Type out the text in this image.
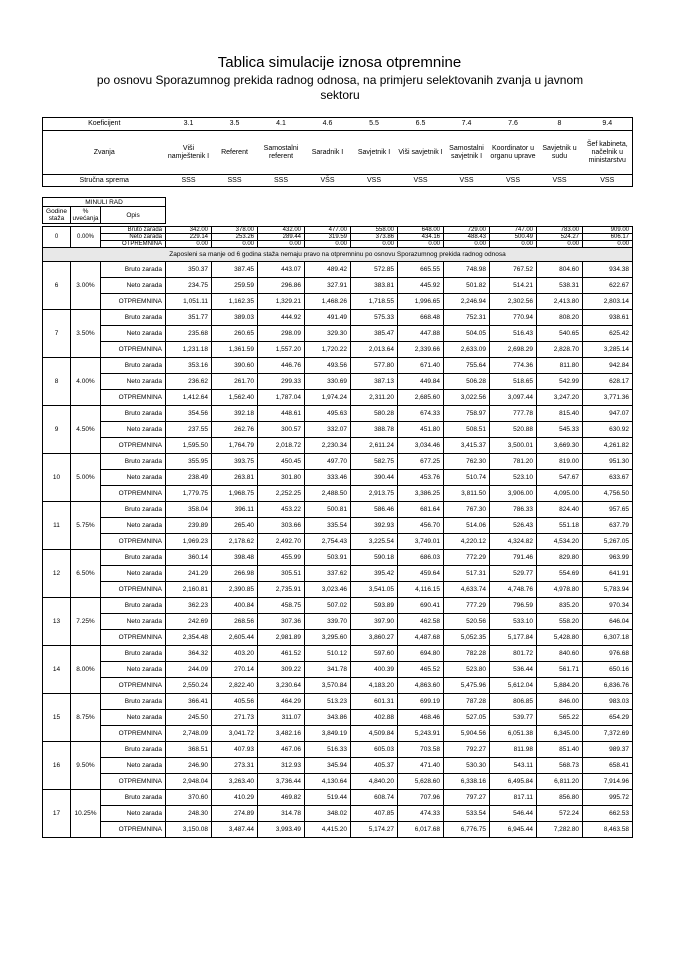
Tablica simulacije iznosa otpremnine
po osnovu Sporazumnog prekida radnog odnosa, na primjeru selektovanih zvanja u javnom sektoru
Koeficijent	3.1	3.5	4.1	4.6	5.5	6.5	7.4	7.6	8	9.4
Zvanja	Viši namještenik I	Referent	Samostalni referent	Saradnik I	Savjetnik I	Viši savjetnik I	Samostalni savjetnik I	Koordinator u organu uprave	Savjetnik u sudu	Šef kabineta, načelnik u ministarstvu
Stručna sprema	SSS	SSS	SSS	VŠS	VSS	VSS	VSS	VSS	VSS	VSS
MINULI RAD
Godine staža	% uvećanja	Opis
0	0.00%	Bruto zarada	342.00	378.00	432.00	477.00	558.00	648.00	729.00	747.00	783.00	909.00
		Neto zarada	229.14	253.26	289.44	319.59	373.86	434.16	488.43	500.49	524.27	606.17
		OTPREMNINA	0.00	0.00	0.00	0.00	0.00	0.00	0.00	0.00	0.00	0.00
Zaposleni sa manje od 6 godina staža nemaju pravo na otpremninu po osnovu Sporazumnog prekida radnog odnosa												
6	3.00%	Bruto zarada	350.37	387.45	443.07	489.42	572.85	665.55	748.98	767.52	804.60	934.38
		Neto zarada	234.75	259.59	296.86	327.91	383.81	445.92	501.82	514.21	538.31	622.67
		OTPREMNINA	1,051.11	1,162.35	1,329.21	1,468.26	1,718.55	1,996.65	2,246.94	2,302.56	2,413.80	2,803.14
7	3.50%	Bruto zarada	351.77	389.03	444.92	491.49	575.33	668.48	752.31	770.94	808.20	938.61
		Neto zarada	235.68	260.65	298.09	329.30	385.47	447.88	504.05	516.43	540.65	625.42
		OTPREMNINA	1,231.18	1,361.59	1,557.20	1,720.22	2,013.64	2,339.66	2,633.09	2,698.29	2,828.70	3,285.14
8	4.00%	Bruto zarada	353.16	390.60	446.76	493.56	577.80	671.40	755.64	774.36	811.80	942.84
		Neto zarada	236.62	261.70	299.33	330.69	387.13	449.84	506.28	518.65	542.99	628.17
		OTPREMNINA	1,412.64	1,562.40	1,787.04	1,974.24	2,311.20	2,685.60	3,022.56	3,097.44	3,247.20	3,771.36
9	4.50%	Bruto zarada	354.56	392.18	448.61	495.63	580.28	674.33	758.97	777.78	815.40	947.07
		Neto zarada	237.55	262.76	300.57	332.07	388.78	451.80	508.51	520.88	545.33	630.92
		OTPREMNINA	1,595.50	1,764.79	2,018.72	2,230.34	2,611.24	3,034.46	3,415.37	3,500.01	3,669.30	4,261.82
10	5.00%	Bruto zarada	355.95	393.75	450.45	497.70	582.75	677.25	762.30	781.20	819.00	951.30
		Neto zarada	238.49	263.81	301.80	333.46	390.44	453.76	510.74	523.10	547.67	633.67
		OTPREMNINA	1,779.75	1,968.75	2,252.25	2,488.50	2,913.75	3,386.25	3,811.50	3,906.00	4,095.00	4,756.50
11	5.75%	Bruto zarada	358.04	396.11	453.22	500.81	586.46	681.64	767.30	786.33	824.40	957.65
		Neto zarada	239.89	265.40	303.66	335.54	392.93	456.70	514.06	526.43	551.18	637.79
		OTPREMNINA	1,969.23	2,178.62	2,492.70	2,754.43	3,225.54	3,749.01	4,220.12	4,324.82	4,534.20	5,267.05
12	6.50%	Bruto zarada	360.14	398.48	455.99	503.91	590.18	686.03	772.29	791.46	829.80	963.99
		Neto zarada	241.29	266.98	305.51	337.62	395.42	459.64	517.31	529.77	554.69	641.91
		OTPREMNINA	2,160.81	2,390.85	2,735.91	3,023.46	3,541.05	4,116.15	4,633.74	4,748.76	4,978.80	5,783.94
13	7.25%	Bruto zarada	362.23	400.84	458.75	507.02	593.89	690.41	777.29	796.59	835.20	970.34
		Neto zarada	242.69	268.56	307.36	339.70	397.90	462.58	520.56	533.10	558.20	646.04
		OTPREMNINA	2,354.48	2,605.44	2,981.89	3,295.60	3,860.27	4,487.68	5,052.35	5,177.84	5,428.80	6,307.18
14	8.00%	Bruto zarada	364.32	403.20	461.52	510.12	597.60	694.80	782.28	801.72	840.60	976.68
		Neto zarada	244.09	270.14	309.22	341.78	400.39	465.52	523.80	536.44	561.71	650.16
		OTPREMNINA	2,550.24	2,822.40	3,230.64	3,570.84	4,183.20	4,863.60	5,475.96	5,612.04	5,884.20	6,836.76
15	8.75%	Bruto zarada	366.41	405.56	464.29	513.23	601.31	699.19	787.28	806.85	846.00	983.03
		Neto zarada	245.50	271.73	311.07	343.86	402.88	468.46	527.05	539.77	565.22	654.29
		OTPREMNINA	2,748.09	3,041.72	3,482.16	3,849.19	4,509.84	5,243.91	5,904.56	6,051.38	6,345.00	7,372.69
16	9.50%	Bruto zarada	368.51	407.93	467.06	516.33	605.03	703.58	792.27	811.98	851.40	989.37
		Neto zarada	246.90	273.31	312.93	345.94	405.37	471.40	530.30	543.11	568.73	658.41
		OTPREMNINA	2,948.04	3,263.40	3,736.44	4,130.64	4,840.20	5,628.60	6,338.16	6,495.84	6,811.20	7,914.96
17	10.25%	Bruto zarada	370.60	410.29	469.82	519.44	608.74	707.96	797.27	817.11	856.80	995.72
		Neto zarada	248.30	274.89	314.78	348.02	407.85	474.33	533.54	546.44	572.24	662.53
		OTPREMNINA	3,150.08	3,487.44	3,993.49	4,415.20	5,174.27	6,017.68	6,776.75	6,945.44	7,282.80	8,463.58
